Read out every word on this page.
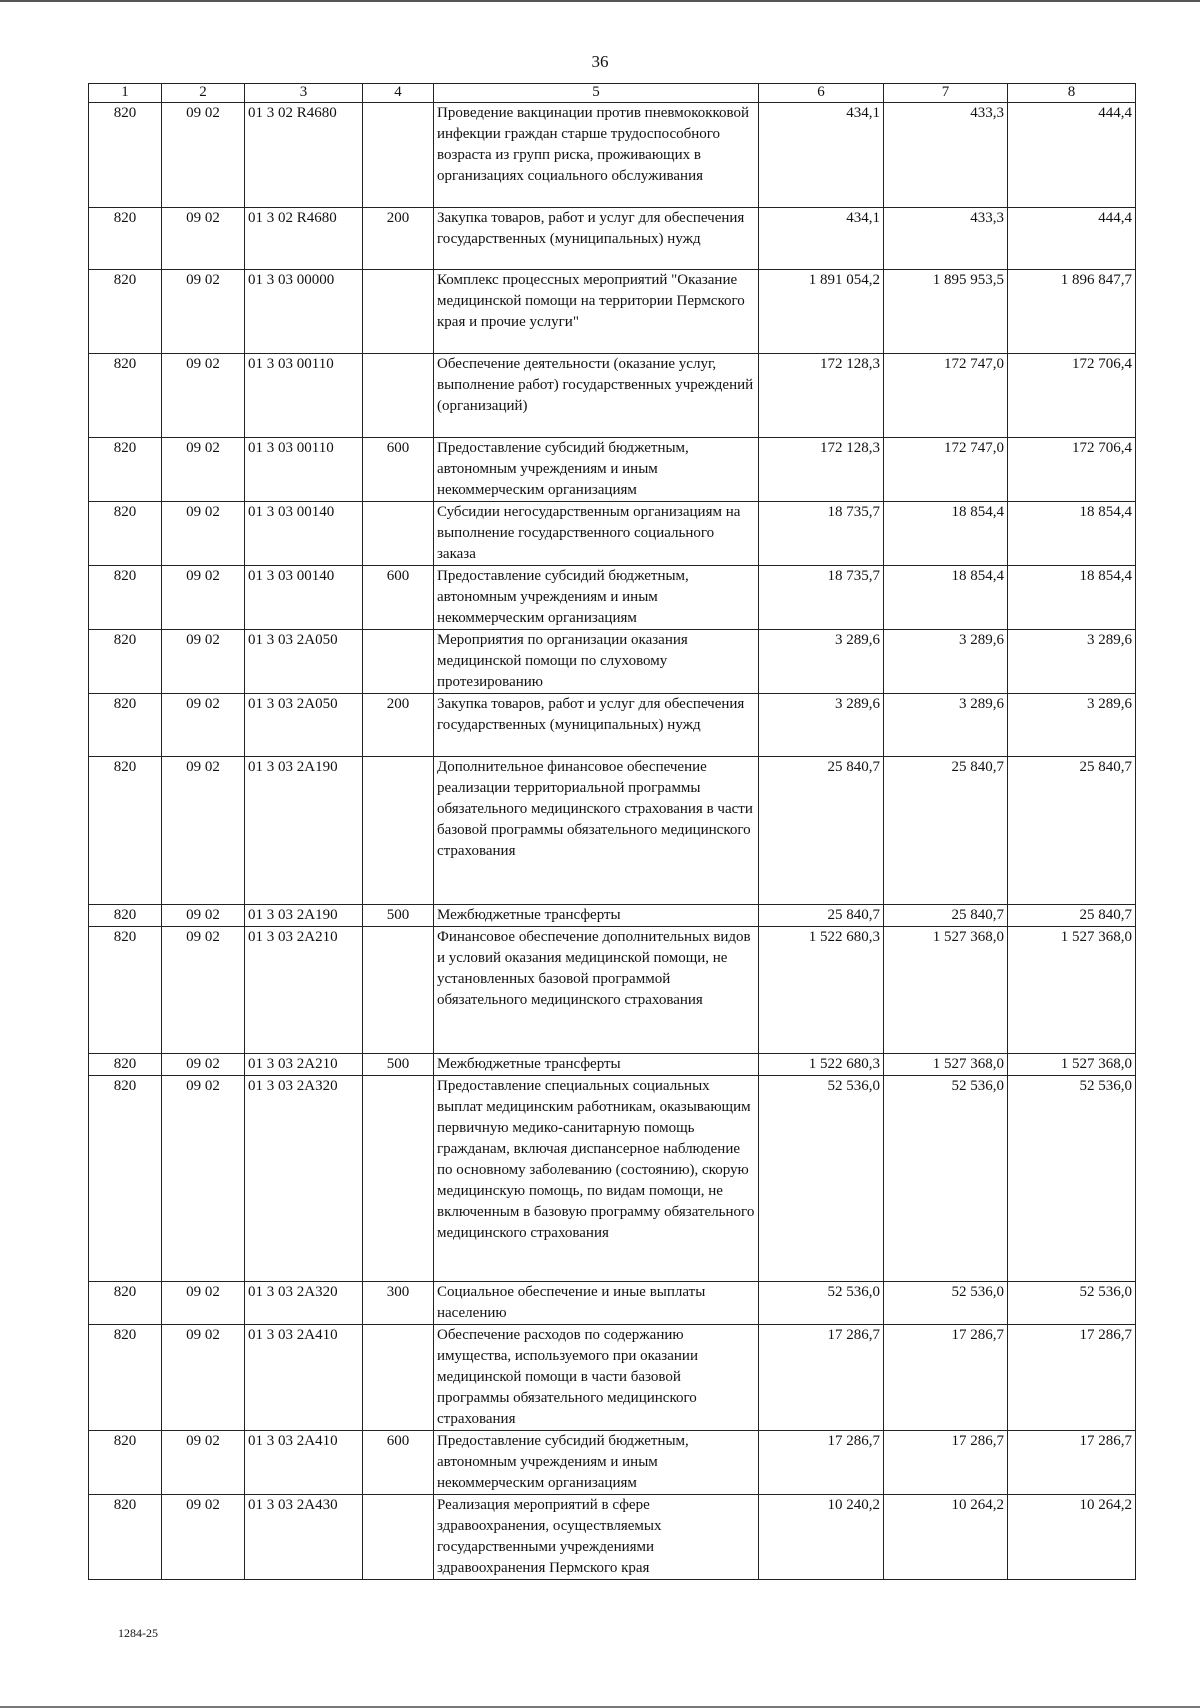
36
1	2	3	4	5	6	7	8
820	09 02	01 3 02 R4680		Проведение вакцинации против пневмококковой инфекции граждан старше трудоспособного возраста из групп риска, проживающих в организациях социального обслуживания	434,1	433,3	444,4
820	09 02	01 3 02 R4680	200	Закупка товаров, работ и услуг для обеспечения государственных (муниципальных) нужд	434,1	433,3	444,4
820	09 02	01 3 03 00000		Комплекс процессных мероприятий "Оказание медицинской помощи на территории Пермского края и прочие услуги"	1 891 054,2	1 895 953,5	1 896 847,7
820	09 02	01 3 03 00110		Обеспечение деятельности (оказание услуг, выполнение работ) государственных учреждений (организаций)	172 128,3	172 747,0	172 706,4
820	09 02	01 3 03 00110	600	Предоставление субсидий бюджетным, автономным учреждениям и иным некоммерческим организациям	172 128,3	172 747,0	172 706,4
820	09 02	01 3 03 00140		Субсидии негосударственным организациям на выполнение государственного социального заказа	18 735,7	18 854,4	18 854,4
820	09 02	01 3 03 00140	600	Предоставление субсидий бюджетным, автономным учреждениям и иным некоммерческим организациям	18 735,7	18 854,4	18 854,4
820	09 02	01 3 03 2A050		Мероприятия по организации оказания медицинской помощи по слуховому протезированию	3 289,6	3 289,6	3 289,6
820	09 02	01 3 03 2A050	200	Закупка товаров, работ и услуг для обеспечения государственных (муниципальных) нужд	3 289,6	3 289,6	3 289,6
820	09 02	01 3 03 2A190		Дополнительное финансовое обеспечение реализации территориальной программы обязательного медицинского страхования в части базовой программы обязательного медицинского страхования	25 840,7	25 840,7	25 840,7
820	09 02	01 3 03 2A190	500	Межбюджетные трансферты	25 840,7	25 840,7	25 840,7
820	09 02	01 3 03 2A210		Финансовое обеспечение дополнительных видов и условий оказания медицинской помощи, не установленных базовой программой обязательного медицинского страхования	1 522 680,3	1 527 368,0	1 527 368,0
820	09 02	01 3 03 2A210	500	Межбюджетные трансферты	1 522 680,3	1 527 368,0	1 527 368,0
820	09 02	01 3 03 2A320		Предоставление специальных социальных выплат медицинским работникам, оказывающим первичную медико-санитарную помощь гражданам, включая диспансерное наблюдение по основному заболеванию (состоянию), скорую медицинскую помощь, по видам помощи, не включенным в базовую программу обязательного медицинского страхования	52 536,0	52 536,0	52 536,0
820	09 02	01 3 03 2A320	300	Социальное обеспечение и иные выплаты населению	52 536,0	52 536,0	52 536,0
820	09 02	01 3 03 2A410		Обеспечение расходов по содержанию имущества, используемого при оказании медицинской помощи в части базовой программы обязательного медицинского страхования	17 286,7	17 286,7	17 286,7
820	09 02	01 3 03 2A410	600	Предоставление субсидий бюджетным, автономным учреждениям и иным некоммерческим организациям	17 286,7	17 286,7	17 286,7
820	09 02	01 3 03 2A430		Реализация мероприятий в сфере здравоохранения, осуществляемых государственными учреждениями здравоохранения Пермского края	10 240,2	10 264,2	10 264,2
1284-25
